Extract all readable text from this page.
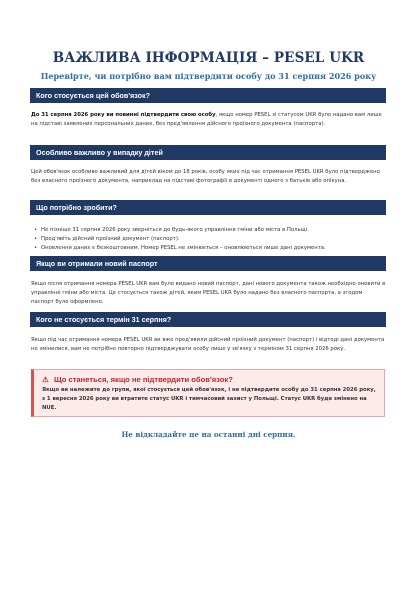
ВАЖЛИВА ІНФОРМАЦІЯ – PESEL UKR
Перевірте, чи потрібно вам підтвердити особу до 31 серпня 2026 року
Кого стосується цей обов'язок?
До 31 серпня 2026 року ви повинні підтвердити свою особу, якщо номер PESEL зі статусом UKR було надано вам лише на підставі заявлених персональних даних, без пред'явлення дійсного проїзного документа (паспорта).
Особливо важливо у випадку дітей
Цей обов'язок особливо важливий для дітей віком до 18 років, особу яких під час отримання PESEL UKR було підтверджено без власного проїзного документа, наприклад на підставі фотографії в документі одного з батьків або опікуна.
Що потрібно зробити?
• Не пізніше 31 серпня 2026 року зверніться до будь-якого управління гміни або міста в Польщі.
• Пред'явіть дійсний проїзний документ (паспорт).
• Оновлення даних є безкоштовним. Номер PESEL не змінюється – оновлюються лише дані документа.
Якщо ви отримали новий паспорт
Якщо після отримання номера PESEL UKR вам було видано новий паспорт, дані нового документа також необхідно оновити в управлінні гміни або міста. Це стосується також дітей, яким PESEL UKR було надано без власного паспорта, а згодом паспорт було оформлено.
Кого не стосується термін 31 серпня?
Якщо під час отримання номера PESEL UKR ви вже пред'явили дійсний проїзний документ (паспорт) і відтоді дані документа не змінилися, вам не потрібно повторно підтверджувати особу лише у зв'язку з терміном 31 серпня 2026 року.
⚠ Що станеться, якщо не підтвердити обов'язок?
Якщо ви належите до групи, якої стосується цей обов'язок, і не підтвердите особу до 31 серпня 2026 року, з 1 вересня 2026 року ви втратите статус UKR і тимчасовий захист у Польщі. Статус UKR буде змінено на NUE.
Не відкладайте це на останні дні серпня.
